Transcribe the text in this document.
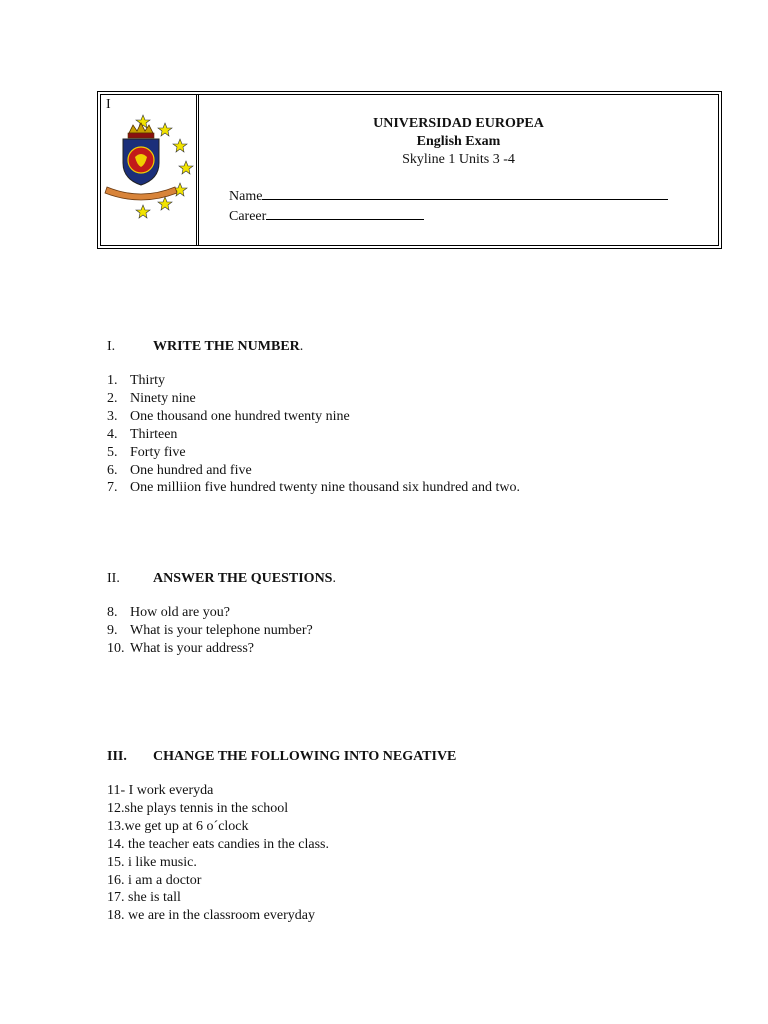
I
UNIVERSIDAD EUROPEA
English Exam
Skyline 1 Units 3 -4
Name
Career
I.	WRITE THE NUMBER.
1. Thirty
2. Ninety nine
3. One thousand one hundred twenty nine
4. Thirteen
5. Forty five
6. One hundred and five
7. One milliion five hundred twenty nine thousand six hundred and two.
II.	ANSWER THE QUESTIONS.
8. How old are you?
9. What is your telephone number?
10. What is your address?
III.	CHANGE THE FOLLOWING INTO NEGATIVE
11- I work everyda
12.she plays tennis in the school
13.we get up at 6 o´clock
14. the teacher eats candies in the class.
15. i like music.
16. i am a doctor
17. she is tall
18. we are in the classroom everyday
